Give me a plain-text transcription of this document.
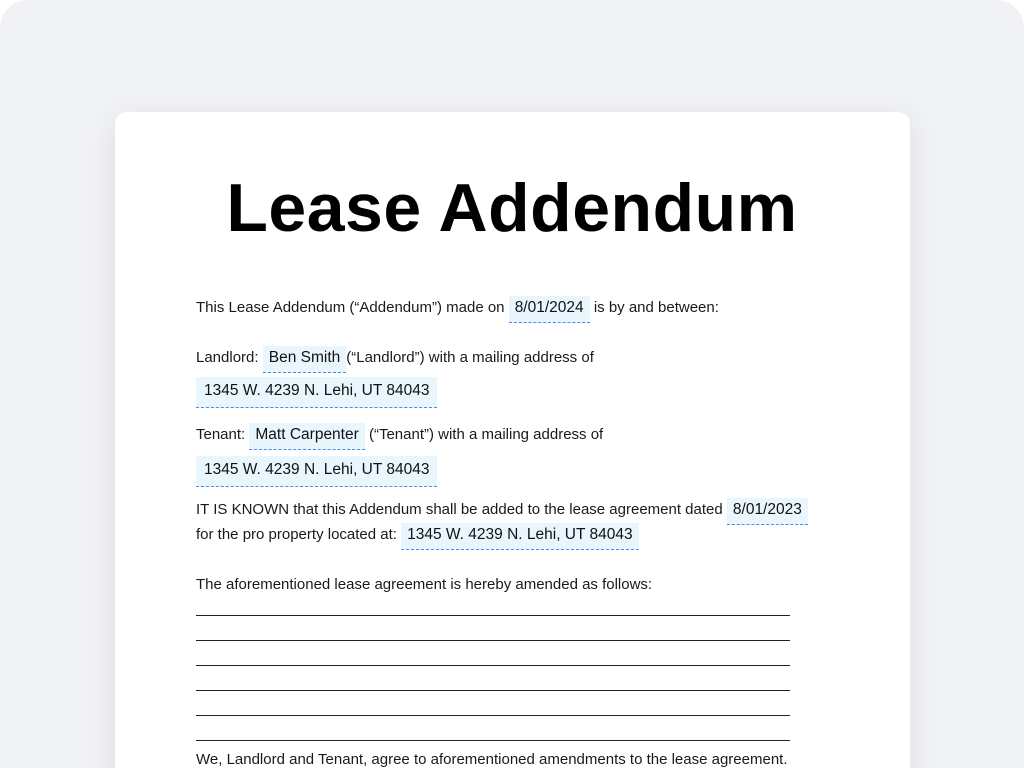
Lease Addendum
This Lease Addendum (“Addendum”) made on 8/01/2024 is by and between:
Landlord: Ben Smith (“Landlord”) with a mailing address of
1345 W. 4239 N. Lehi, UT 84043
Tenant: Matt Carpenter (“Tenant”) with a mailing address of
1345 W. 4239 N. Lehi, UT 84043
IT IS KNOWN that this Addendum shall be added to the lease agreement dated 8/01/2023
for the pro property located at: 1345 W. 4239 N. Lehi, UT 84043
The aforementioned lease agreement is hereby amended as follows:
We, Landlord and Tenant, agree to aforementioned amendments to the lease agreement.
